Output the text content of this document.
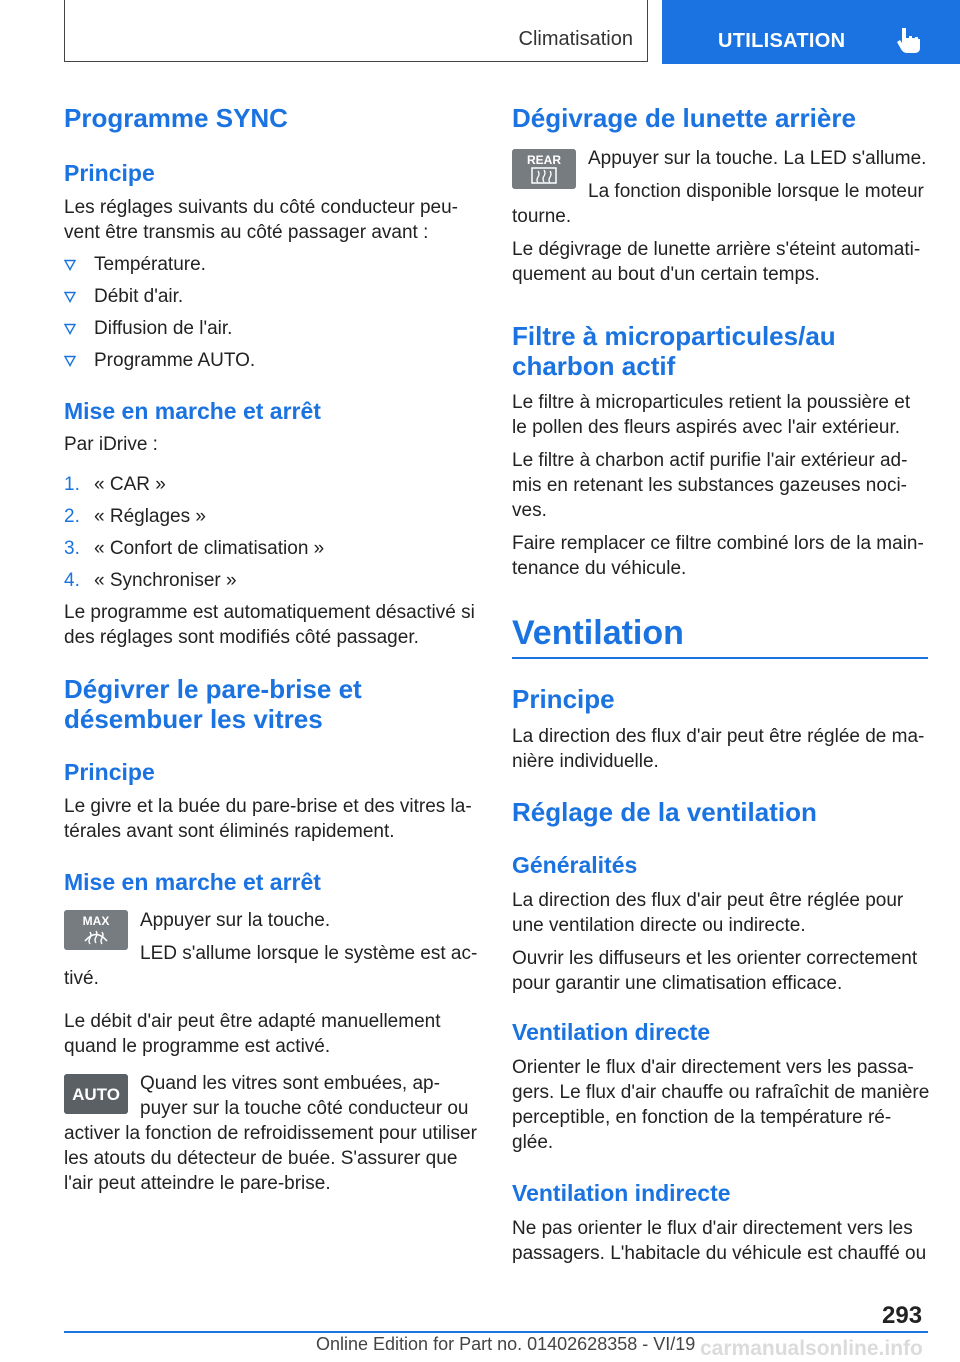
Climatisation	UTILISATION
Programme SYNC
Principe
Les réglages suivants du côté conducteur peu-
vent être transmis au côté passager avant :
Température.
Débit d'air.
Diffusion de l'air.
Programme AUTO.
Mise en marche et arrêt
Par iDrive :
1. « CAR »
2. « Réglages »
3. « Confort de climatisation »
4. « Synchroniser »
Le programme est automatiquement désactivé si
des réglages sont modifiés côté passager.
Dégivrer le pare-brise et
désembuer les vitres
Principe
Le givre et la buée du pare-brise et des vitres la-
térales avant sont éliminés rapidement.
Mise en marche et arrêt
MAX Appuyer sur la touche.
LED s'allume lorsque le système est ac-
tivé.
Le débit d'air peut être adapté manuellement
quand le programme est activé.
AUTO
Quand les vitres sont embuées, ap-
puyer sur la touche côté conducteur ou
activer la fonction de refroidissement pour utiliser
les atouts du détecteur de buée. S'assurer que
l'air peut atteindre le pare-brise.
Dégivrage de lunette arrière
REAR Appuyer sur la touche. La LED s'allume.
La fonction disponible lorsque le moteur
tourne.
Le dégivrage de lunette arrière s'éteint automati-
quement au bout d'un certain temps.
Filtre à microparticules/au
charbon actif
Le filtre à microparticules retient la poussière et
le pollen des fleurs aspirés avec l'air extérieur.
Le filtre à charbon actif purifie l'air extérieur ad-
mis en retenant les substances gazeuses noci-
ves.
Faire remplacer ce filtre combiné lors de la main-
tenance du véhicule.
Ventilation
Principe
La direction des flux d'air peut être réglée de ma-
nière individuelle.
Réglage de la ventilation
Généralités
La direction des flux d'air peut être réglée pour
une ventilation directe ou indirecte.
Ouvrir les diffuseurs et les orienter correctement
pour garantir une climatisation efficace.
Ventilation directe
Orienter le flux d'air directement vers les passa-
gers. Le flux d'air chauffe ou rafraîchit de manière
perceptible, en fonction de la température ré-
glée.
Ventilation indirecte
Ne pas orienter le flux d'air directement vers les
passagers. L'habitacle du véhicule est chauffé ou
293
Online Edition for Part no. 01402628358 - VI/19 carmanualsonline.info
